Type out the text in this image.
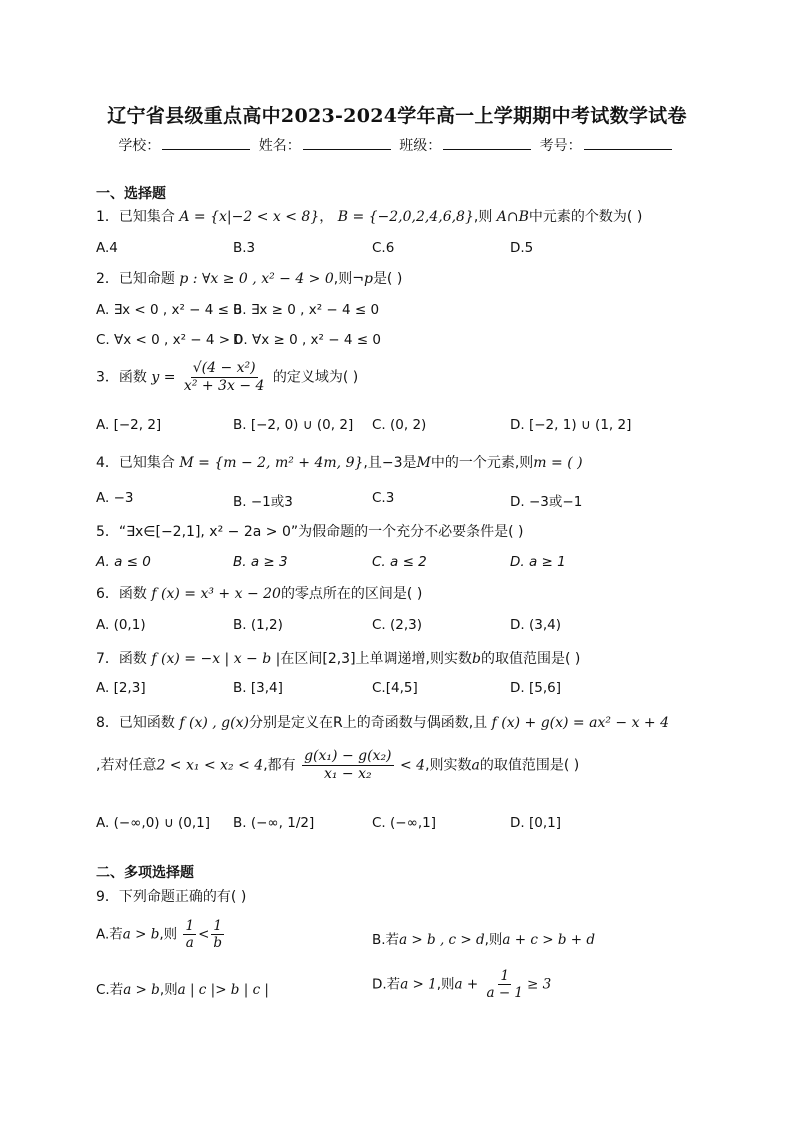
辽宁省县级重点高中2023-2024学年高一上学期期中考试数学试卷
学校：	姓名：	班级：	考号：
一、选择题
1．已知集合 A = {x|−2 < x < 8}， B = {−2,0,2,4,6,8},则 A∩B中元素的个数为( )
A.4	B.3	C.6	D.5
2．已知命题 p : ∀x ≥ 0 , x² − 4 > 0,则¬p是( )
A. ∃x < 0 , x² − 4 ≤ 0
B. ∃x ≥ 0 , x² − 4 ≤ 0
C. ∀x < 0 , x² − 4 > 0
D. ∀x ≥ 0 , x² − 4 ≤ 0
3．函数 $y = \frac{\text{√(4 − x²)}}{\text{x² + 3x − 4}}$ 的定义域为( )
A. [−2, 2]	B. [−2, 0) ∪ (0, 2] C. (0, 2)	D. [−2, 1) ∪ (1, 2]
4．已知集合 M = {m − 2, m² + 4m, 9},且−3是M中的一个元素,则m = ( )
A. −3	B. −1或3	C.3	D. −3或−1
5．“∃x∈[−2,1], x² − 2a > 0”为假命题的一个充分不必要条件是( )
A. a ≤ 0	B. a ≥ 3	C. a ≤ 2	D. a ≥ 1
6．函数 f (x) = x³ + x − 20的零点所在的区间是( )
A. (0,1)	B. (1,2)	C. (2,3)	D. (3,4)
7．函数 f (x) = −x | x − b |在区间[2,3]上单调递增,则实数b的取值范围是( )
A. [2,3]	B. [3,4]	C.[4,5]	D. [5,6]
8．已知函数 f (x) , g(x)分别是定义在R上的奇函数与偶函数,且 f (x) + g(x) = ax² − x + 4
,若对任意2 < x₁ < x₂ < 4,都有 $\frac{\text{g(x₁) − g(x₂)}}{\text{x₁ − x₂}} < 4$,则实数a的取值范围是( )
A. (−∞,0) ∪ (0,1] B. (−∞, 1/2]	C. (−∞,1]	D. [0,1]
二、多项选择题
9．下列命题正确的有( )
A.若a > b,则 $\frac{1}{a} < \frac{1}{b}$	B.若a > b , c > d,则a + c > b + d
C.若a > b,则a | c |> b | c |	D.若a > 1,则$a + \frac{1}{a - 1} \ge 3$
